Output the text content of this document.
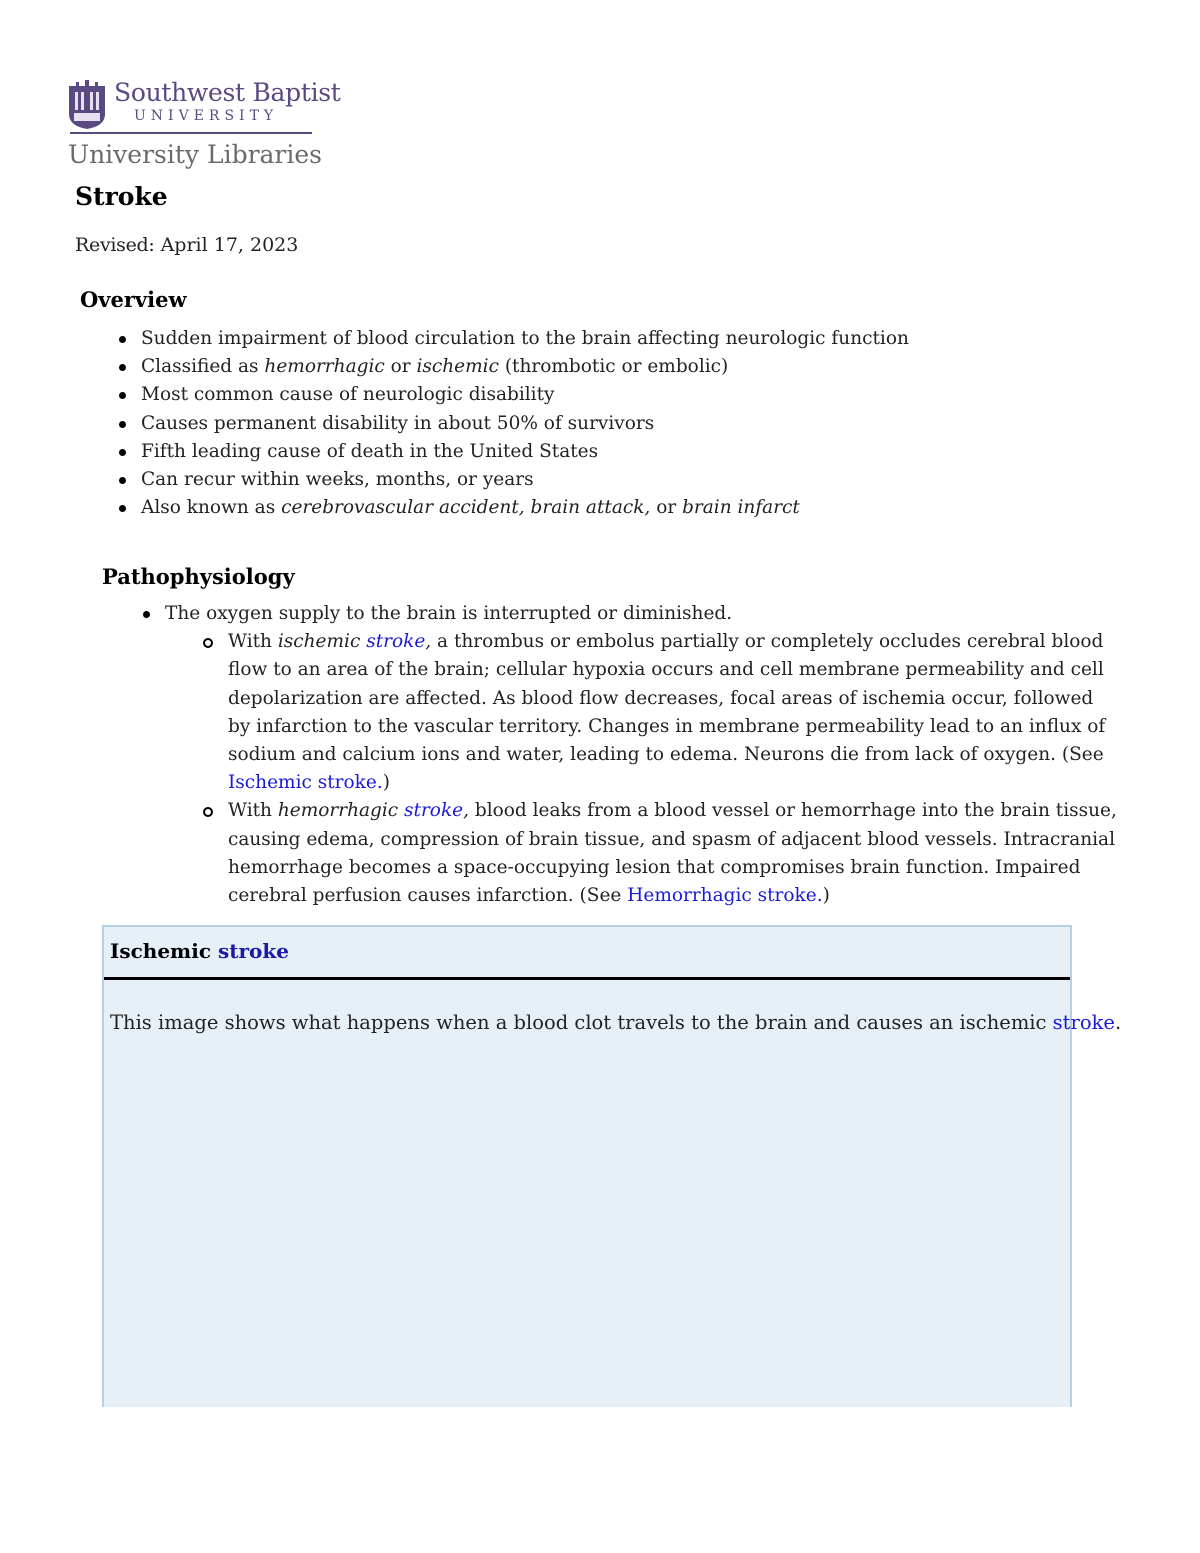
Southwest Baptist
UNIVERSITY
University Libraries
Stroke
Revised: April 17, 2023
Overview
Sudden impairment of blood circulation to the brain affecting neurologic function
Classified as hemorrhagic or ischemic (thrombotic or embolic)
Most common cause of neurologic disability
Causes permanent disability in about 50% of survivors
Fifth leading cause of death in the United States
Can recur within weeks, months, or years
Also known as cerebrovascular accident, brain attack, or brain infarct
Pathophysiology
The oxygen supply to the brain is interrupted or diminished.
With ischemic stroke, a thrombus or embolus partially or completely occludes cerebral blood flow to an area of the brain; cellular hypoxia occurs and cell membrane permeability and cell depolarization are affected. As blood flow decreases, focal areas of ischemia occur, followed by infarction to the vascular territory. Changes in membrane permeability lead to an influx of sodium and calcium ions and water, leading to edema. Neurons die from lack of oxygen. (See Ischemic stroke.)
With hemorrhagic stroke, blood leaks from a blood vessel or hemorrhage into the brain tissue, causing edema, compression of brain tissue, and spasm of adjacent blood vessels. Intracranial hemorrhage becomes a space-occupying lesion that compromises brain function. Impaired cerebral perfusion causes infarction. (See Hemorrhagic stroke.)
Ischemic stroke
This image shows what happens when a blood clot travels to the brain and causes an ischemic stroke.
